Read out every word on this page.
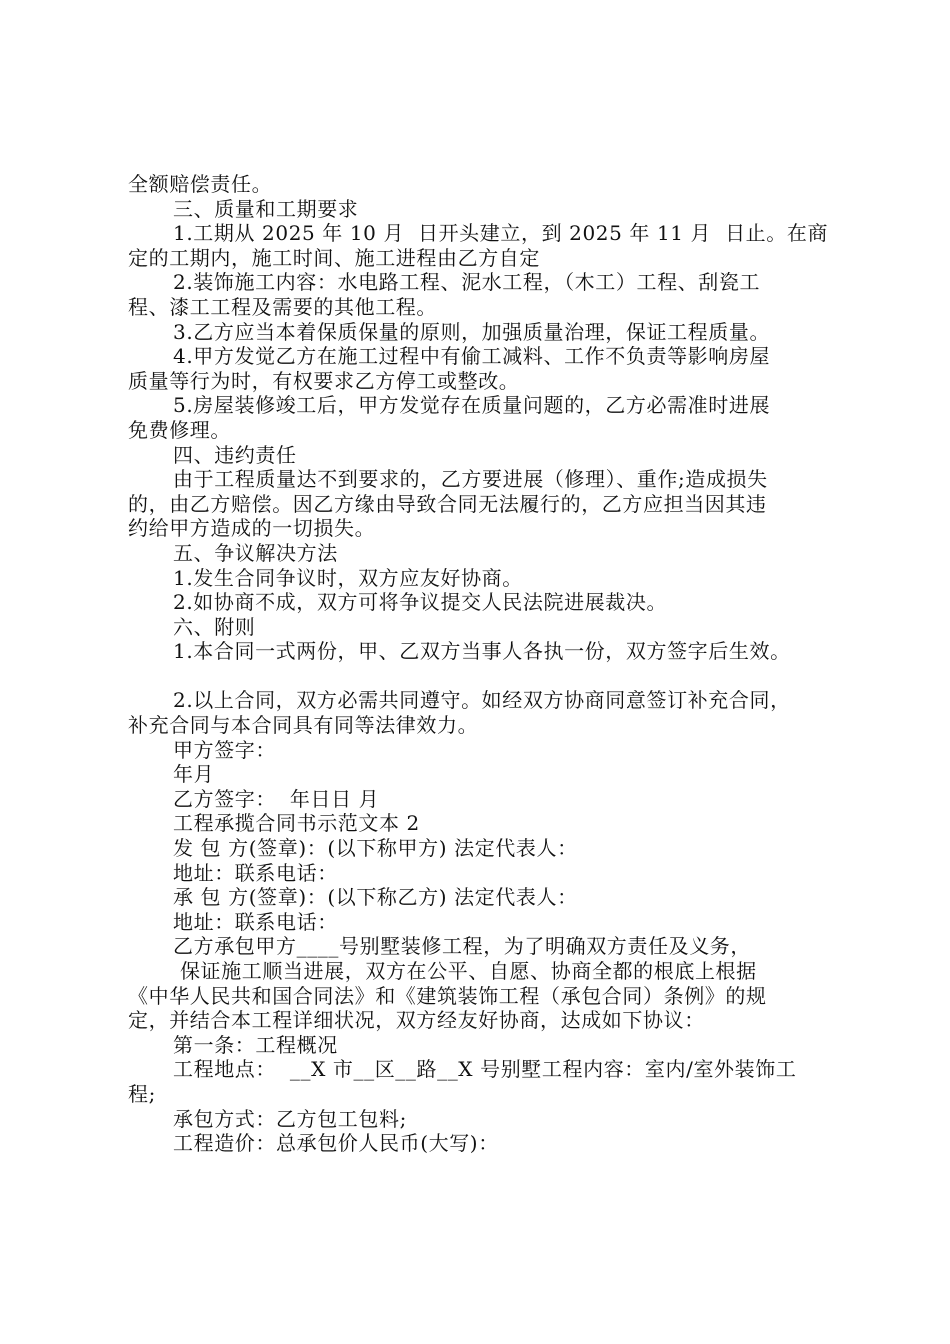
全额赔偿责任。
三、质量和工期要求
1.工期从 2025 年 10 月  日开头建立，到 2025 年 11 月  日止。在商
定的工期内，施工时间、施工进程由乙方自定
2.装饰施工内容：水电路工程、泥水工程，（木工）工程、刮瓷工
程、漆工工程及需要的其他工程。
3.乙方应当本着保质保量的原则，加强质量治理，保证工程质量。
4.甲方发觉乙方在施工过程中有偷工减料、工作不负责等影响房屋
质量等行为时，有权要求乙方停工或整改。
5.房屋装修竣工后，甲方发觉存在质量问题的，乙方必需准时进展
免费修理。
四、违约责任
由于工程质量达不到要求的，乙方要进展（修理）、重作;造成损失
的，由乙方赔偿。因乙方缘由导致合同无法履行的，乙方应担当因其违
约给甲方造成的一切损失。
五、争议解决方法
1.发生合同争议时，双方应友好协商。
2.如协商不成，双方可将争议提交人民法院进展裁决。
六、附则
1.本合同一式两份，甲、乙双方当事人各执一份，双方签字后生效。
2.以上合同，双方必需共同遵守。如经双方协商同意签订补充合同，
补充合同与本合同具有同等法律效力。
甲方签字：
年月
乙方签字：  年日日 月
工程承揽合同书示范文本 2
发 包 方(签章)：(以下称甲方) 法定代表人：
地址：联系电话：
承 包 方(签章)：(以下称乙方) 法定代表人：
地址：联系电话：
乙方承包甲方____号别墅装修工程，为了明确双方责任及义务，
保证施工顺当进展，双方在公平、自愿、协商全都的根底上根据
《中华人民共和国合同法》和《建筑装饰工程（承包合同）条例》的规
定，并结合本工程详细状况，双方经友好协商，达成如下协议：
第一条：工程概况
工程地点：  __X 市__区__路__X 号别墅工程内容：室内/室外装饰工
程;
承包方式：乙方包工包料;
工程造价：总承包价人民币(大写)：
